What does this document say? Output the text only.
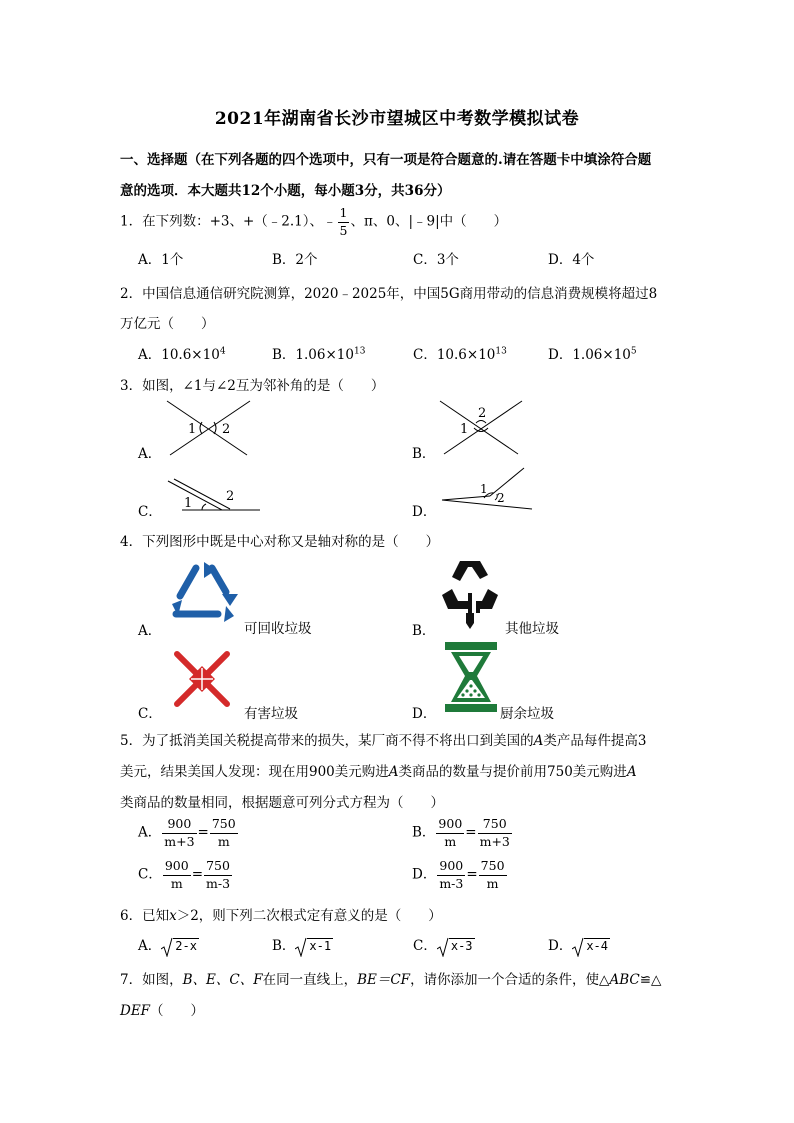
2021年湖南省长沙市望城区中考数学模拟试卷
一、选择题（在下列各题的四个选项中，只有一项是符合题意的.请在答题卡中填涂符合题
意的选项．本大题共12个小题，每小题3分，共36分）
1．在下列数：+3、+（﹣2.1）、﹣ $\frac{1}{5}$ 、π、0、|﹣9|中（　　）
A．1个	B．2个	C．3个	D．4个
2．中国信息通信研究院测算，2020﹣2025年，中国5G商用带动的信息消费规模将超过8
万亿元（　　）
A．$10.6\times 10^4$	B．$1.06\times 10^{13}$	C．$10.6\times 10^{13}$	D．$1.06\times 10^5$
3．如图，∠1与∠2互为邻补角的是（　　）
A．
1 2
B．
1
2
C．
1	2
D．
1
2
4．下列图形中既是中心对称又是轴对称的是（　　）
A．	可回收垃圾	B．	其他垃圾
C．	有害垃圾	D．	厨余垃圾
5．为了抵消美国关税提高带来的损失，某厂商不得不将出口到美国的A类产品每件提高3
美元，结果美国人发现：现在用900美元购进A类商品的数量与提价前用750美元购进A
类商品的数量相同，根据题意可列分式方程为（　　）
A． $\frac{900}{m+3} = \frac{750}{m}$	B． $\frac{900}{m} = \frac{750}{m+3}$
C． $\frac{900}{m} = \frac{750}{m-3}$	D． $\frac{900}{m-3} = \frac{750}{m}$
6．已知x＞2，则下列二次根式定有意义的是（　　）
A． 2-x	B． x-1	C． x-3	D． x-4
7．如图，B、E、C、F在同一直线上，BE＝CF，请你添加一个合适的条件，使△ABC≌△
DEF（　　）
